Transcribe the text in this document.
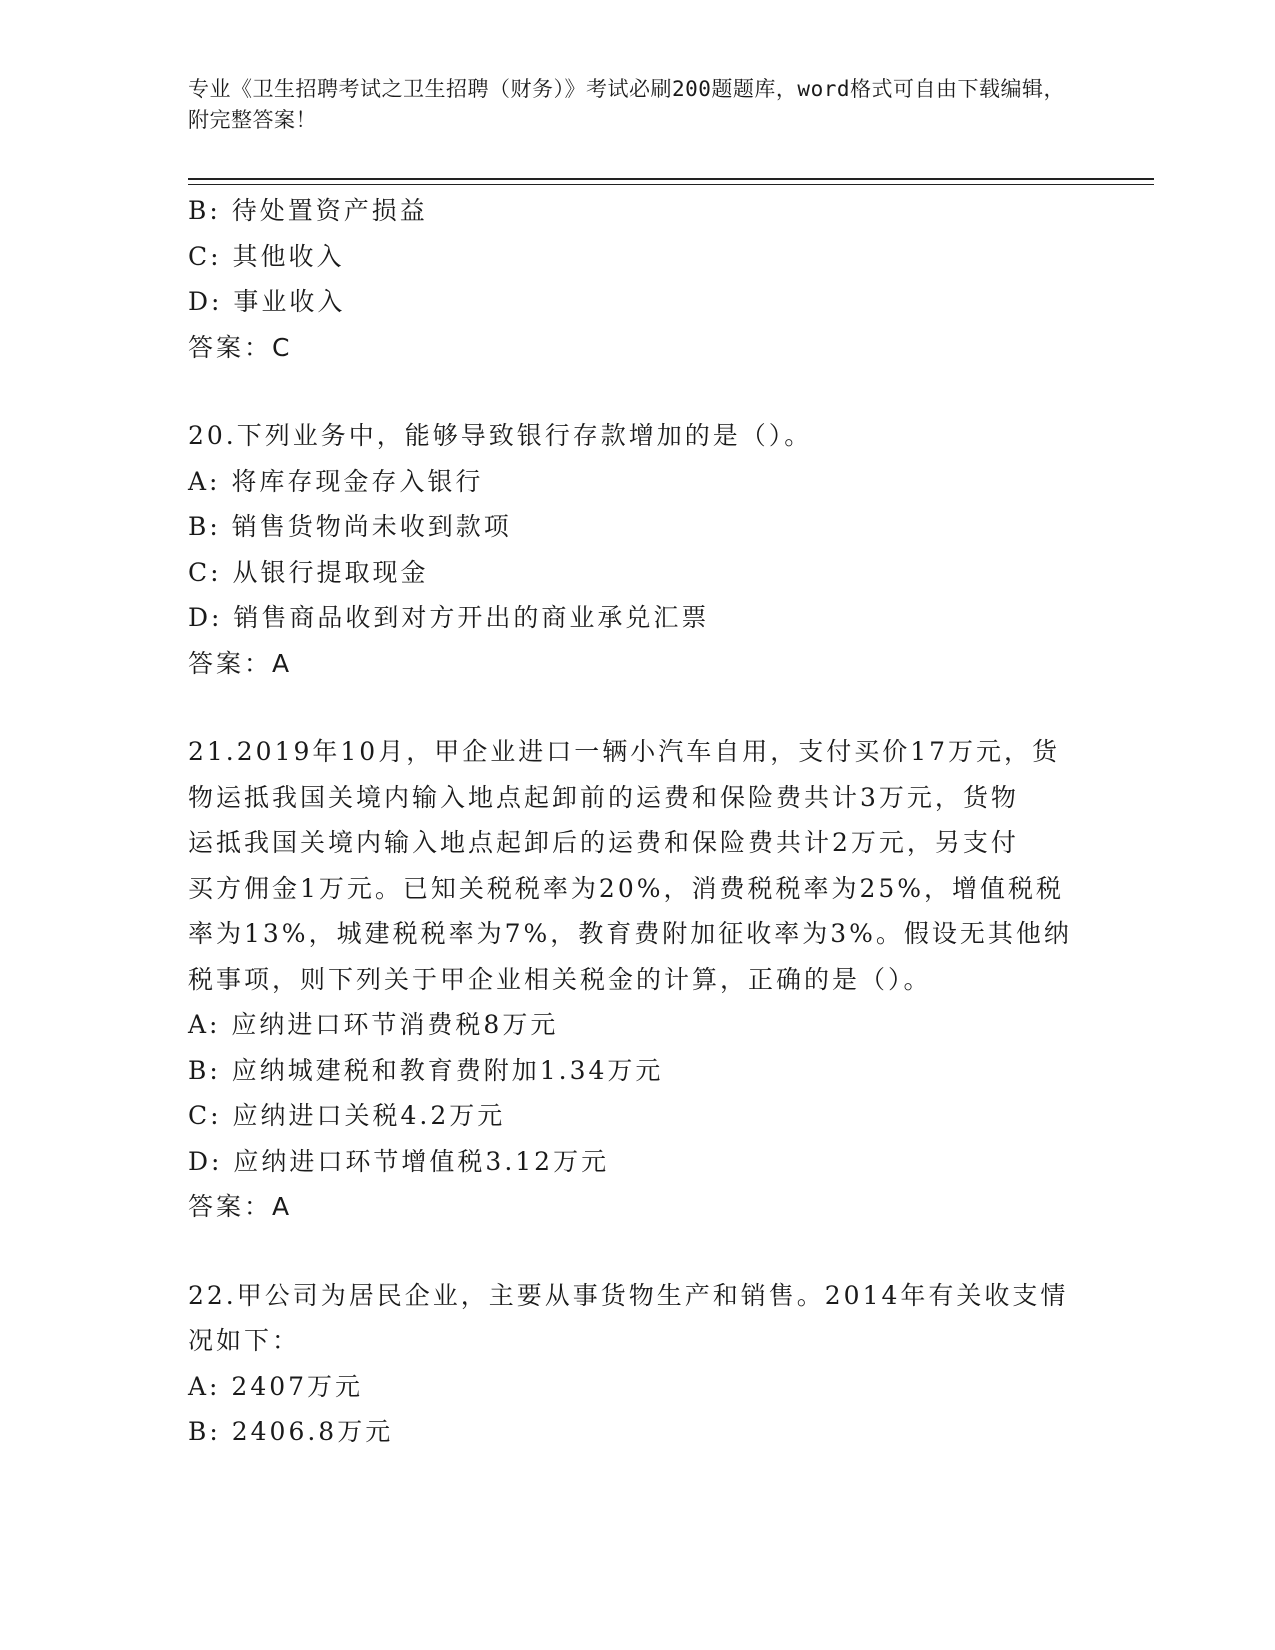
专业《卫生招聘考试之卫生招聘（财务）》考试必刷200题题库，word格式可自由下载编辑，附完整答案！
B: 待处置资产损益
C: 其他收入
D: 事业收入
答案：C
20.下列业务中，能够导致银行存款增加的是（）。
A: 将库存现金存入银行
B: 销售货物尚未收到款项
C: 从银行提取现金
D: 销售商品收到对方开出的商业承兑汇票
答案：A
21.2019年10月，甲企业进口一辆小汽车自用，支付买价17万元，货
物运抵我国关境内输入地点起卸前的运费和保险费共计3万元，货物
运抵我国关境内输入地点起卸后的运费和保险费共计2万元，另支付
买方佣金1万元。已知关税税率为20%，消费税税率为25%，增值税税
率为13%，城建税税率为7%，教育费附加征收率为3%。假设无其他纳
税事项，则下列关于甲企业相关税金的计算，正确的是（）。
A: 应纳进口环节消费税8万元
B: 应纳城建税和教育费附加1.34万元
C: 应纳进口关税4.2万元
D: 应纳进口环节增值税3.12万元
答案：A
22.甲公司为居民企业，主要从事货物生产和销售。2014年有关收支情
况如下：
A: 2407万元
B: 2406.8万元
